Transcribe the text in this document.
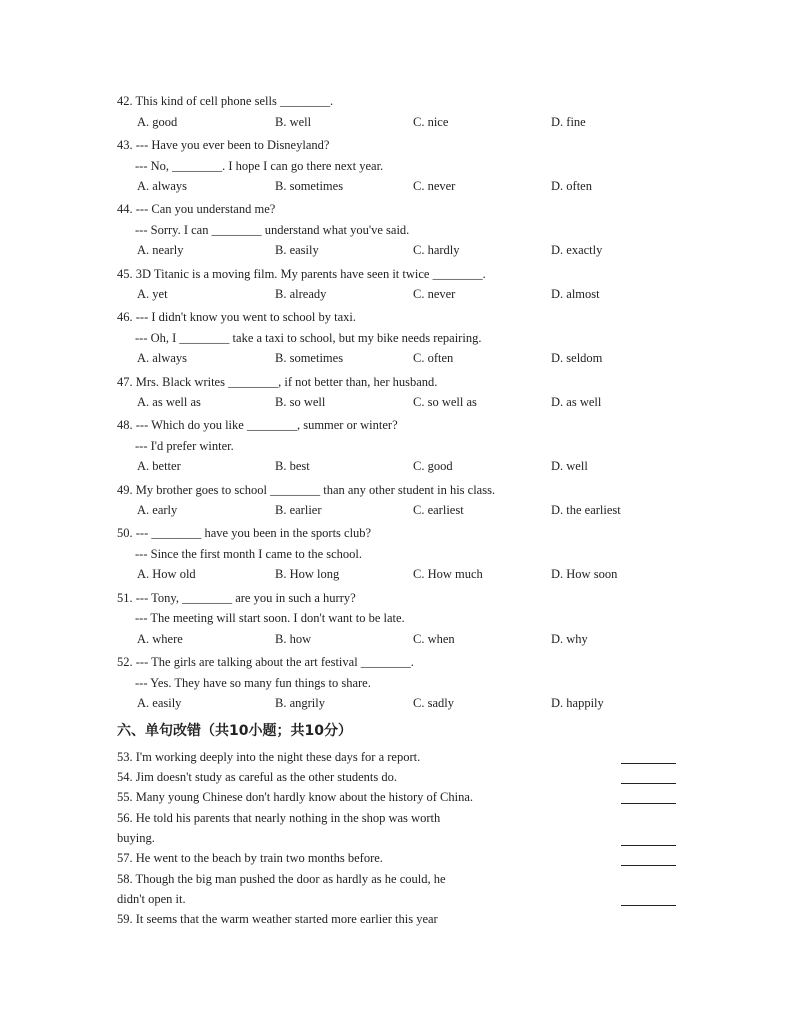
42. This kind of cell phone sells ________.
A. good	B. well	C. nice	D. fine
43. --- Have you ever been to Disneyland?
--- No, ________. I hope I can go there next year.
A. always	B. sometimes	C. never	D. often
44. --- Can you understand me?
--- Sorry. I can ________ understand what you've said.
A. nearly	B. easily	C. hardly	D. exactly
45. 3D Titanic is a moving film. My parents have seen it twice ________.
A. yet	B. already	C. never	D. almost
46. --- I didn't know you went to school by taxi.
--- Oh, I ________ take a taxi to school, but my bike needs repairing.
A. always	B. sometimes	C. often	D. seldom
47. Mrs. Black writes ________, if not better than, her husband.
A. as well as	B. so well	C. so well as	D. as well
48. --- Which do you like ________, summer or winter?
--- I'd prefer winter.
A. better	B. best	C. good	D. well
49. My brother goes to school ________ than any other student in his class.
A. early	B. earlier	C. earliest	D. the earliest
50. --- ________ have you been in the sports club?
--- Since the first month I came to the school.
A. How old	B. How long	C. How much	D. How soon
51. --- Tony, ________ are you in such a hurry?
--- The meeting will start soon. I don't want to be late.
A. where	B. how	C. when	D. why
52. --- The girls are talking about the art festival ________.
--- Yes. They have so many fun things to share.
A. easily	B. angrily	C. sadly	D. happily
六、单句改错（共10小题；共10分）
53. I'm working deeply into the night these days for a report.
54. Jim doesn't study as careful as the other students do.
55. Many young Chinese don't hardly know about the history of China.
56. He told his parents that nearly nothing in the shop was worth
buying.
57. He went to the beach by train two months before.
58. Though the big man pushed the door as hardly as he could, he
didn't open it.
59. It seems that the warm weather started more earlier this year
